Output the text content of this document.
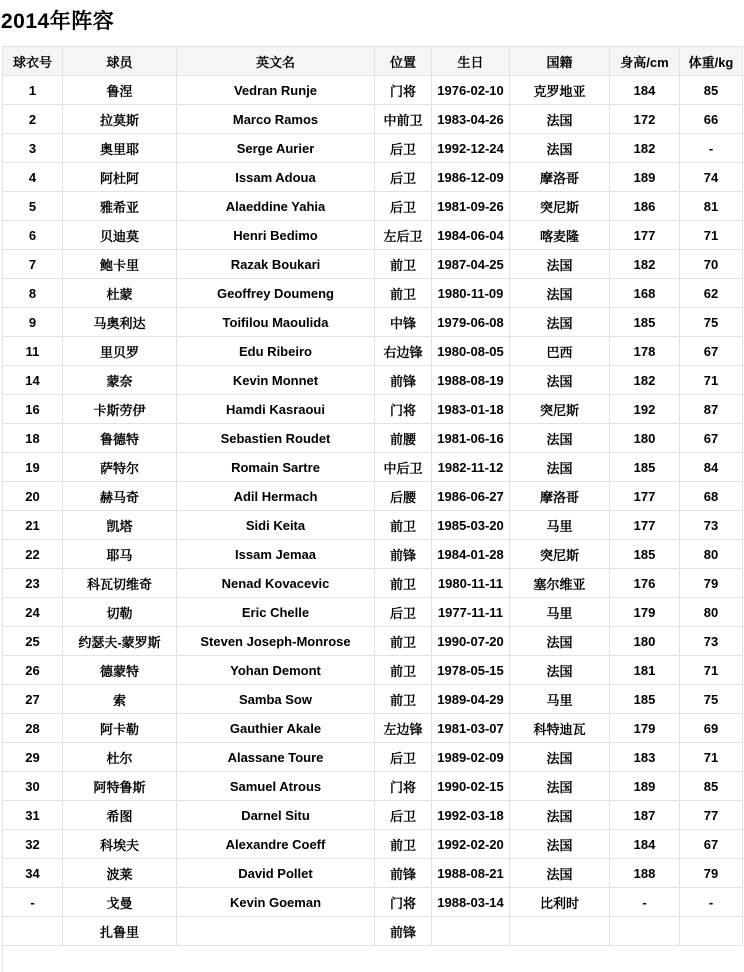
2014年阵容
球衣号	球员	英文名	位置	生日	国籍	身高/cm	体重/kg
1	鲁涅	Vedran Runje	门将	1976-02-10	克罗地亚	184	85
2	拉莫斯	Marco Ramos	中前卫	1983-04-26	法国	172	66
3	奥里耶	Serge Aurier	后卫	1992-12-24	法国	182	-
4	阿杜阿	Issam Adoua	后卫	1986-12-09	摩洛哥	189	74
5	雅希亚	Alaeddine Yahia	后卫	1981-09-26	突尼斯	186	81
6	贝迪莫	Henri Bedimo	左后卫	1984-06-04	喀麦隆	177	71
7	鲍卡里	Razak Boukari	前卫	1987-04-25	法国	182	70
8	杜蒙	Geoffrey Doumeng	前卫	1980-11-09	法国	168	62
9	马奥利达	Toifilou Maoulida	中锋	1979-06-08	法国	185	75
11	里贝罗	Edu Ribeiro	右边锋	1980-08-05	巴西	178	67
14	蒙奈	Kevin Monnet	前锋	1988-08-19	法国	182	71
16	卡斯劳伊	Hamdi Kasraoui	门将	1983-01-18	突尼斯	192	87
18	鲁德特	Sebastien Roudet	前腰	1981-06-16	法国	180	67
19	萨特尔	Romain Sartre	中后卫	1982-11-12	法国	185	84
20	赫马奇	Adil Hermach	后腰	1986-06-27	摩洛哥	177	68
21	凯塔	Sidi Keita	前卫	1985-03-20	马里	177	73
22	耶马	Issam Jemaa	前锋	1984-01-28	突尼斯	185	80
23	科瓦切维奇	Nenad Kovacevic	前卫	1980-11-11	塞尔维亚	176	79
24	切勒	Eric Chelle	后卫	1977-11-11	马里	179	80
25	约瑟夫-蒙罗斯	Steven Joseph-Monrose	前卫	1990-07-20	法国	180	73
26	德蒙特	Yohan Demont	前卫	1978-05-15	法国	181	71
27	索	Samba Sow	前卫	1989-04-29	马里	185	75
28	阿卡勒	Gauthier Akale	左边锋	1981-03-07	科特迪瓦	179	69
29	杜尔	Alassane Toure	后卫	1989-02-09	法国	183	71
30	阿特鲁斯	Samuel Atrous	门将	1990-02-15	法国	189	85
31	希图	Darnel Situ	后卫	1992-03-18	法国	187	77
32	科埃夫	Alexandre Coeff	前卫	1992-02-20	法国	184	67
34	波莱	David Pollet	前锋	1988-08-21	法国	188	79
-	戈曼	Kevin Goeman	门将	1988-03-14	比利时	-	-
	扎鲁里		前锋				
